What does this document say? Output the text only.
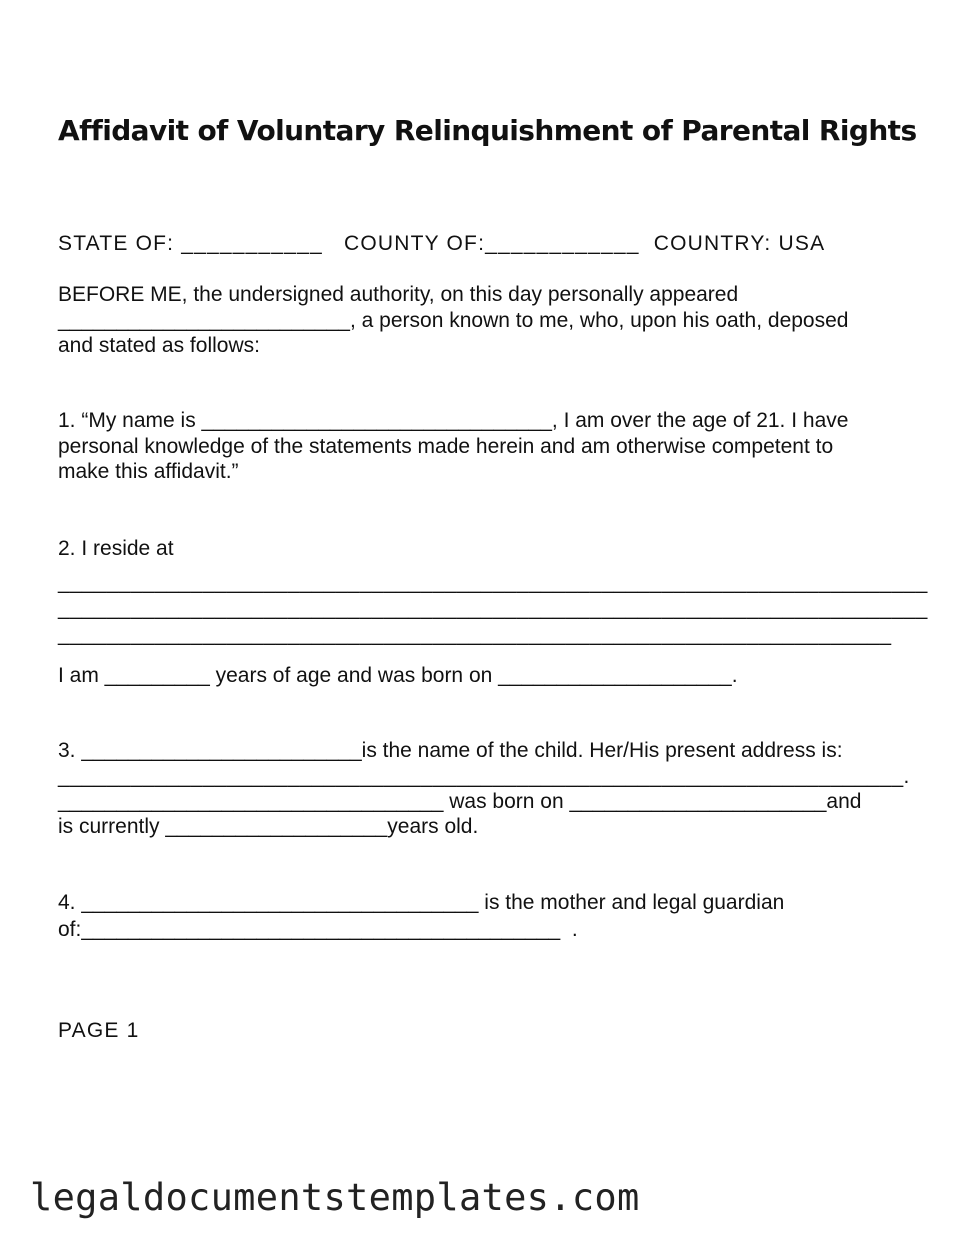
Affidavit of Voluntary Relinquishment of Parental Rights

STATE OF: ___________   COUNTY OF:____________  COUNTRY: USA

BEFORE ME, the undersigned authority, on this day personally appeared

_________________________, a person known to me, who, upon his oath, deposed

and stated as follows:

1. “My name is ______________________________, I am over the age of 21. I have

personal knowledge of the statements made herein and am otherwise competent to

make this affidavit.”

2. I reside at

________________________________________________________________________

________________________________________________________________________

_____________________________________________________________________

I am _________ years of age and was born on ____________________.

3. ________________________is the name of the child. Her/His present address is:

______________________________________________________________________.

_________________________________ was born on ______________________and

is currently ___________________years old.

4. __________________________________ is the mother and legal guardian

of:_________________________________________  .

PAGE 1

legaldocumentstemplates.com
